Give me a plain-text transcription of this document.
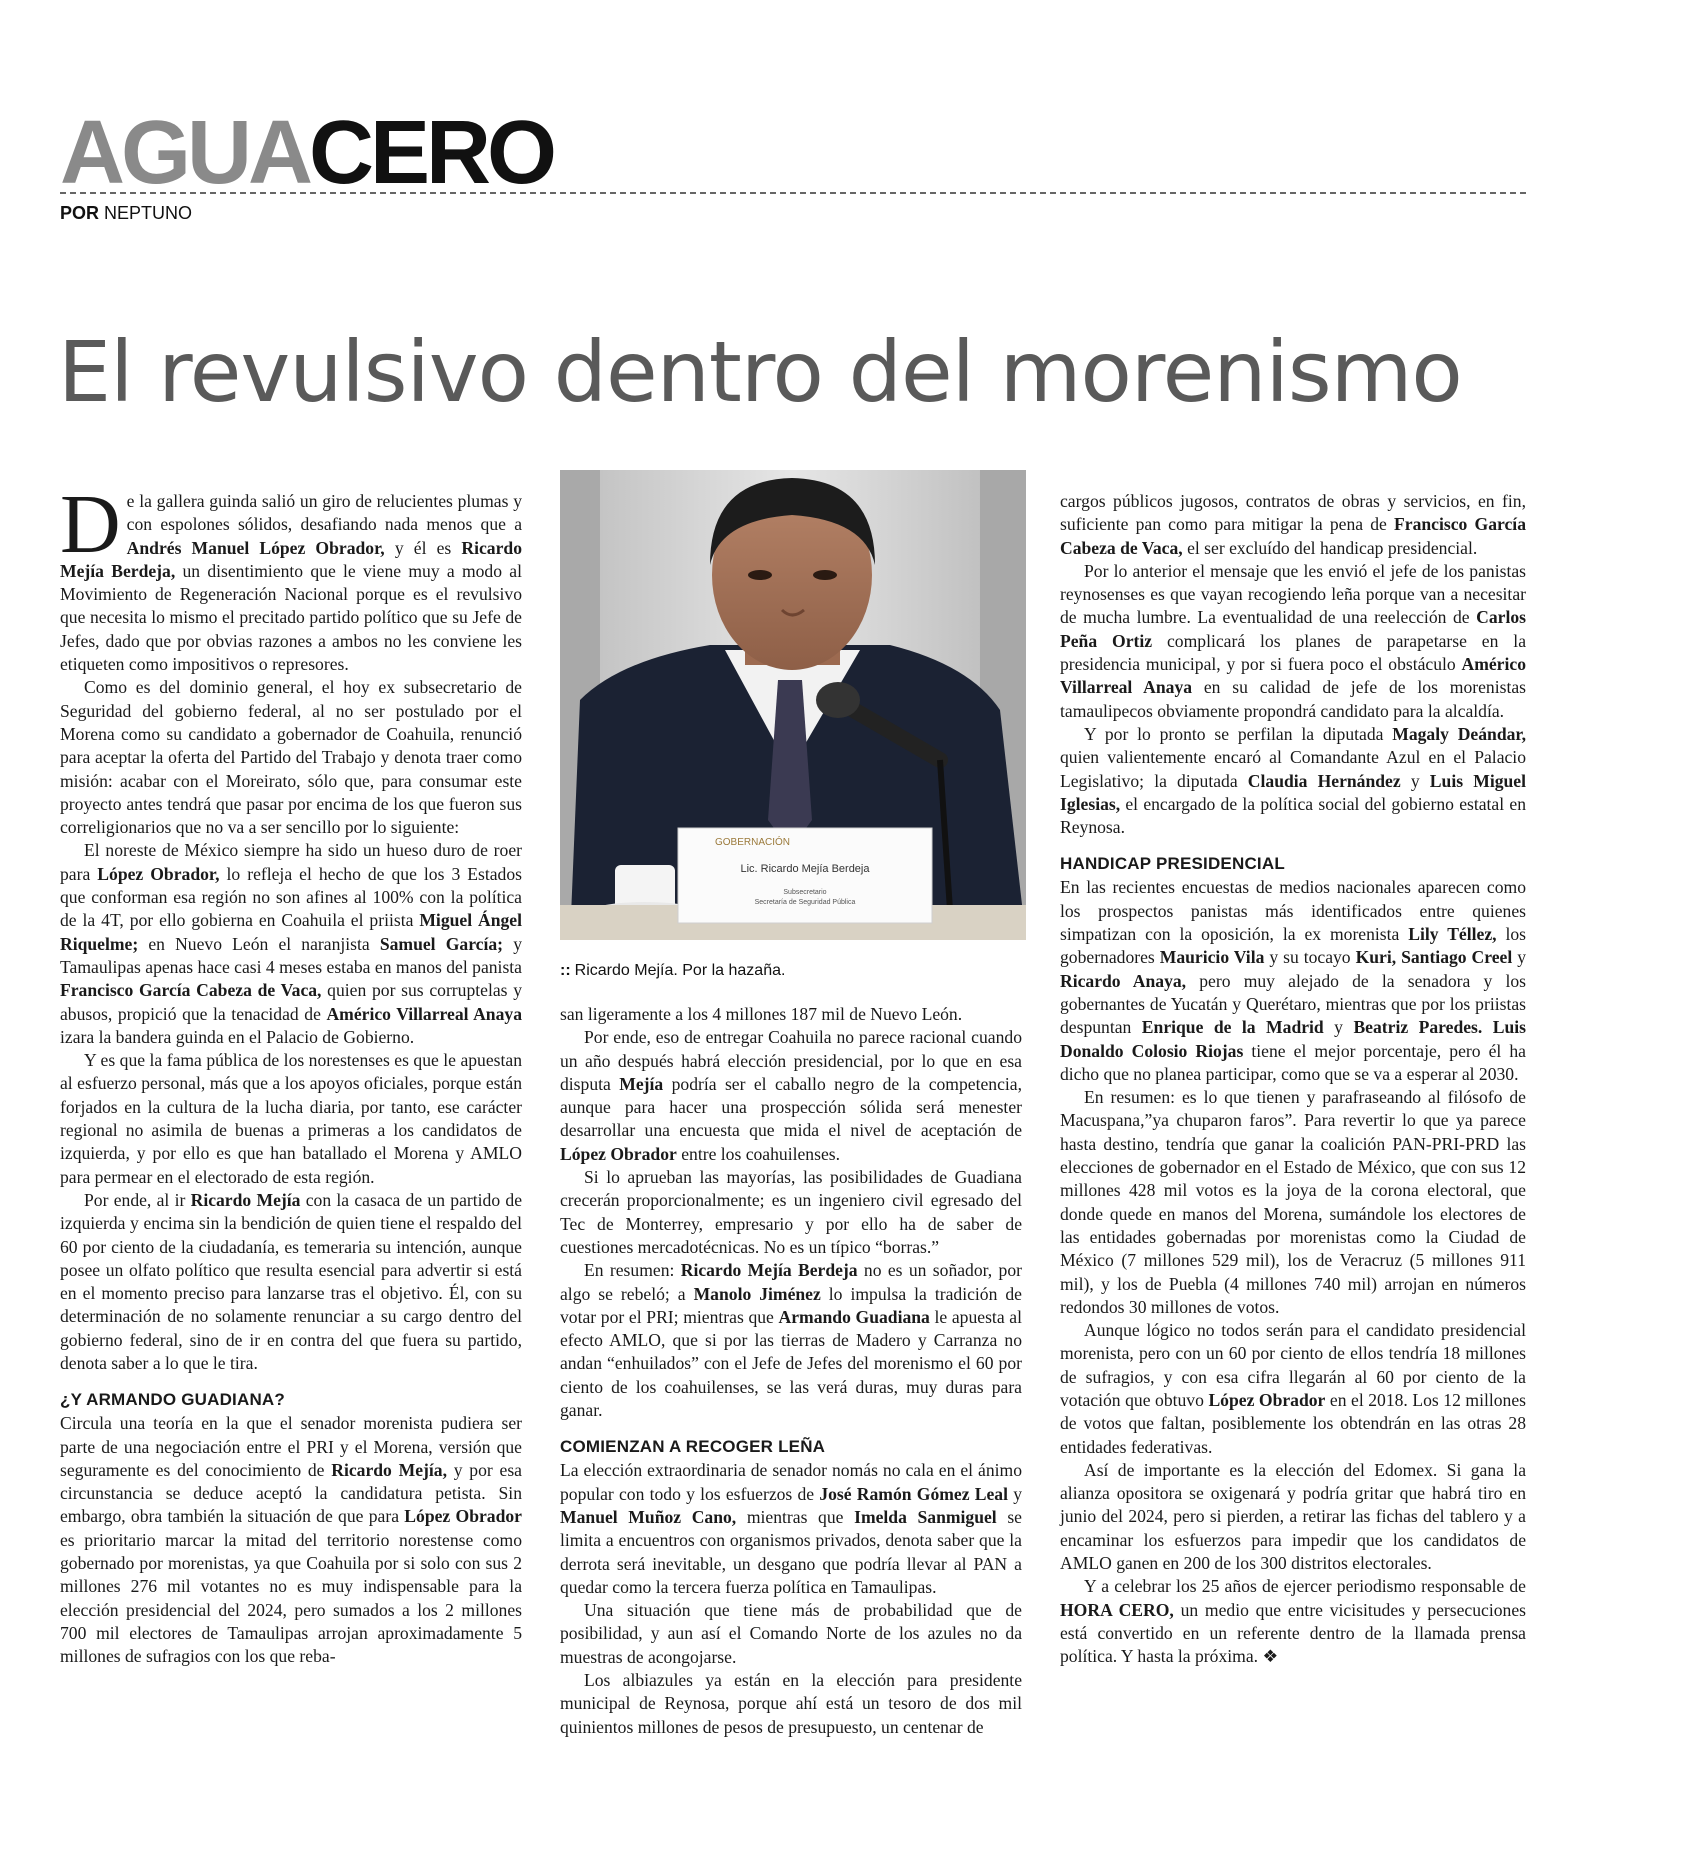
AGUACERO
POR NEPTUNO
El revulsivo dentro del morenismo

De la gallera guinda salió un giro de relucientes plumas y con espolones sólidos, desafiando nada menos que a Andrés Manuel López Obrador, y él es Ricardo Mejía Berdeja, un disentimiento que le viene muy a modo al Movimiento de Regeneración Nacional porque es el revulsivo que necesita lo mismo el precitado partido político que su Jefe de Jefes, dado que por obvias razones a ambos no les conviene les etiqueten como impositivos o represores.

Como es del dominio general, el hoy ex subsecretario de Seguridad del gobierno federal, al no ser postulado por el Morena como su candidato a gobernador de Coahuila, renunció para aceptar la oferta del Partido del Trabajo y denota traer como misión: acabar con el Moreirato, sólo que, para consumar este proyecto antes tendrá que pasar por encima de los que fueron sus correligionarios que no va a ser sencillo por lo siguiente:

El noreste de México siempre ha sido un hueso duro de roer para López Obrador, lo refleja el hecho de que los 3 Estados que conforman esa región no son afines al 100% con la política de la 4T, por ello gobierna en Coahuila el priista Miguel Ángel Riquelme; en Nuevo León el naranjista Samuel García; y Tamaulipas apenas hace casi 4 meses estaba en manos del panista Francisco García Cabeza de Vaca, quien por sus corruptelas y abusos, propició que la tenacidad de Américo Villarreal Anaya izara la bandera guinda en el Palacio de Gobierno.

Y es que la fama pública de los norestenses es que le apuestan al esfuerzo personal, más que a los apoyos oficiales, porque están forjados en la cultura de la lucha diaria, por tanto, ese carácter regional no asimila de buenas a primeras a los candidatos de izquierda, y por ello es que han batallado el Morena y AMLO para permear en el electorado de esta región.

Por ende, al ir Ricardo Mejía con la casaca de un partido de izquierda y encima sin la bendición de quien tiene el respaldo del 60 por ciento de la ciudadanía, es temeraria su intención, aunque posee un olfato político que resulta esencial para advertir si está en el momento preciso para lanzarse tras el objetivo. Él, con su determinación de no solamente renunciar a su cargo dentro del gobierno federal, sino de ir en contra del que fuera su partido, denota saber a lo que le tira.

¿Y ARMANDO GUADIANA?

Circula una teoría en la que el senador morenista pudiera ser parte de una negociación entre el PRI y el Morena, versión que seguramente es del conocimiento de Ricardo Mejía, y por esa circunstancia se deduce aceptó la candidatura petista. Sin embargo, obra también la situación de que para López Obrador es prioritario marcar la mitad del territorio norestense como gobernado por morenistas, ya que Coahuila por si solo con sus 2 millones 276 mil votantes no es muy indispensable para la elección presidencial del 2024, pero sumados a los 2 millones 700 mil electores de Tamaulipas arrojan aproximadamente 5 millones de sufragios con los que reba-

GOBERNACIÓN
Lic. Ricardo Mejía Berdeja
Subsecretario
Secretaría de Seguridad Pública
:: Ricardo Mejía. Por la hazaña.

san ligeramente a los 4 millones 187 mil de Nuevo León.

Por ende, eso de entregar Coahuila no parece racional cuando un año después habrá elección presidencial, por lo que en esa disputa Mejía podría ser el caballo negro de la competencia, aunque para hacer una prospección sólida será menester desarrollar una encuesta que mida el nivel de aceptación de López Obrador entre los coahuilenses.

Si lo aprueban las mayorías, las posibilidades de Guadiana crecerán proporcionalmente; es un ingeniero civil egresado del Tec de Monterrey, empresario y por ello ha de saber de cuestiones mercadotécnicas. No es un típico “borras.”

En resumen: Ricardo Mejía Berdeja no es un soñador, por algo se rebeló; a Manolo Jiménez lo impulsa la tradición de votar por el PRI; mientras que Armando Guadiana le apuesta al efecto AMLO, que si por las tierras de Madero y Carranza no andan “enhuilados” con el Jefe de Jefes del morenismo el 60 por ciento de los coahuilenses, se las verá duras, muy duras para ganar.

COMIENZAN A RECOGER LEÑA

La elección extraordinaria de senador nomás no cala en el ánimo popular con todo y los esfuerzos de José Ramón Gómez Leal y Manuel Muñoz Cano, mientras que Imelda Sanmiguel se limita a encuentros con organismos privados, denota saber que la derrota será inevitable, un desgano que podría llevar al PAN a quedar como la tercera fuerza política en Tamaulipas.

Una situación que tiene más de probabilidad que de posibilidad, y aun así el Comando Norte de los azules no da muestras de acongojarse.

Los albiazules ya están en la elección para presidente municipal de Reynosa, porque ahí está un tesoro de dos mil quinientos millones de pesos de presupuesto, un centenar de

cargos públicos jugosos, contratos de obras y servicios, en fin, suficiente pan como para mitigar la pena de Francisco García Cabeza de Vaca, el ser excluído del handicap presidencial.

Por lo anterior el mensaje que les envió el jefe de los panistas reynosenses es que vayan recogiendo leña porque van a necesitar de mucha lumbre. La eventualidad de una reelección de Carlos Peña Ortiz complicará los planes de parapetarse en la presidencia municipal, y por si fuera poco el obstáculo Américo Villarreal Anaya en su calidad de jefe de los morenistas tamaulipecos obviamente propondrá candidato para la alcaldía.

Y por lo pronto se perfilan la diputada Magaly Deándar, quien valientemente encaró al Comandante Azul en el Palacio Legislativo; la diputada Claudia Hernández y Luis Miguel Iglesias, el encargado de la política social del gobierno estatal en Reynosa.

HANDICAP PRESIDENCIAL

En las recientes encuestas de medios nacionales aparecen como los prospectos panistas más identificados entre quienes simpatizan con la oposición, la ex morenista Lily Téllez, los gobernadores Mauricio Vila y su tocayo Kuri, Santiago Creel y Ricardo Anaya, pero muy alejado de la senadora y los gobernantes de Yucatán y Querétaro, mientras que por los priistas despuntan Enrique de la Madrid y Beatriz Paredes. Luis Donaldo Colosio Riojas tiene el mejor porcentaje, pero él ha dicho que no planea participar, como que se va a esperar al 2030.

En resumen: es lo que tienen y parafraseando al filósofo de Macuspana,”ya chuparon faros”. Para revertir lo que ya parece hasta destino, tendría que ganar la coalición PAN-PRI-PRD las elecciones de gobernador en el Estado de México, que con sus 12 millones 428 mil votos es la joya de la corona electoral, que donde quede en manos del Morena, sumándole los electores de las entidades gobernadas por morenistas como la Ciudad de México (7 millones 529 mil), los de Veracruz (5 millones 911 mil), y los de Puebla (4 millones 740 mil) arrojan en números redondos 30 millones de votos.

Aunque lógico no todos serán para el candidato presidencial morenista, pero con un 60 por ciento de ellos tendría 18 millones de sufragios, y con esa cifra llegarán al 60 por ciento de la votación que obtuvo López Obrador en el 2018. Los 12 millones de votos que faltan, posiblemente los obtendrán en las otras 28 entidades federativas.

Así de importante es la elección del Edomex. Si gana la alianza opositora se oxigenará y podría gritar que habrá tiro en junio del 2024, pero si pierden, a retirar las fichas del tablero y a encaminar los esfuerzos para impedir que los candidatos de AMLO ganen en 200 de los 300 distritos electorales.

Y a celebrar los 25 años de ejercer periodismo responsable de HORA CERO, un medio que entre vicisitudes y persecuciones está convertido en un referente dentro de la llamada prensa política. Y hasta la próxima. ❖
